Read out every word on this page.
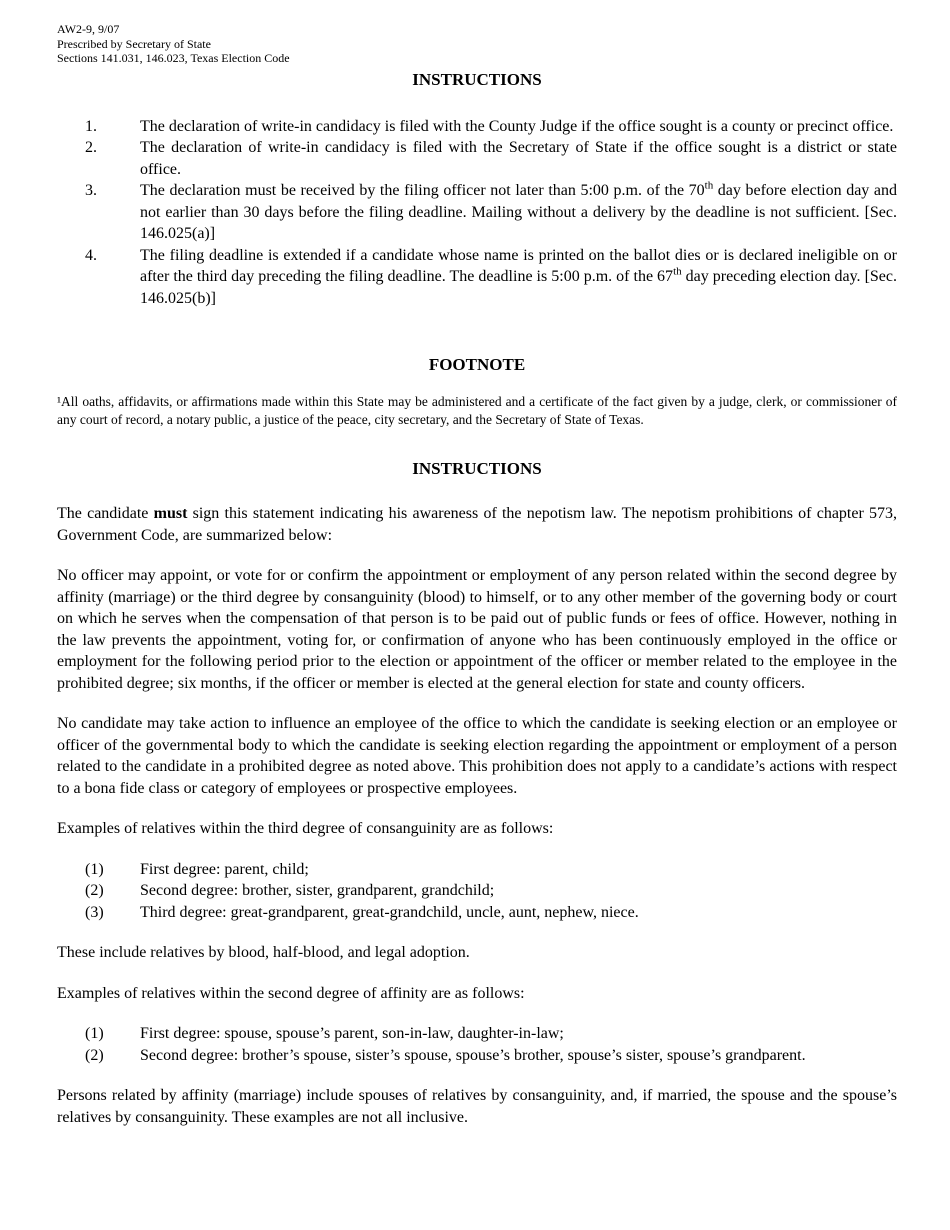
AW2-9, 9/07
Prescribed by Secretary of State
Sections 141.031, 146.023, Texas Election Code
INSTRUCTIONS
1.	The declaration of write-in candidacy is filed with the County Judge if the office sought is a county or precinct office.
2.	The declaration of write-in candidacy is filed with the Secretary of State if the office sought is a district or state office.
3.	The declaration must be received by the filing officer not later than 5:00 p.m. of the 70th day before election day and not earlier than 30 days before the filing deadline. Mailing without a delivery by the deadline is not sufficient. [Sec. 146.025(a)]
4.	The filing deadline is extended if a candidate whose name is printed on the ballot dies or is declared ineligible on or after the third day preceding the filing deadline. The deadline is 5:00 p.m. of the 67th day preceding election day. [Sec. 146.025(b)]
FOOTNOTE

¹All oaths, affidavits, or affirmations made within this State may be administered and a certificate of the fact given by a judge, clerk, or commissioner of any court of record, a notary public, a justice of the peace, city secretary, and the Secretary of State of Texas.

INSTRUCTIONS

The candidate must sign this statement indicating his awareness of the nepotism law. The nepotism prohibitions of chapter 573, Government Code, are summarized below:

No officer may appoint, or vote for or confirm the appointment or employment of any person related within the second degree by affinity (marriage) or the third degree by consanguinity (blood) to himself, or to any other member of the governing body or court on which he serves when the compensation of that person is to be paid out of public funds or fees of office. However, nothing in the law prevents the appointment, voting for, or confirmation of anyone who has been continuously employed in the office or employment for the following period prior to the election or appointment of the officer or member related to the employee in the prohibited degree; six months, if the officer or member is elected at the general election for state and county officers.

No candidate may take action to influence an employee of the office to which the candidate is seeking election or an employee or officer of the governmental body to which the candidate is seeking election regarding the appointment or employment of a person related to the candidate in a prohibited degree as noted above. This prohibition does not apply to a candidate’s actions with respect to a bona fide class or category of employees or prospective employees.

Examples of relatives within the third degree of consanguinity are as follows:

(1)	First degree: parent, child;
(2)	Second degree: brother, sister, grandparent, grandchild;
(3)	Third degree: great-grandparent, great-grandchild, uncle, aunt, nephew, niece.

These include relatives by blood, half-blood, and legal adoption.

Examples of relatives within the second degree of affinity are as follows:

(1)	First degree: spouse, spouse’s parent, son-in-law, daughter-in-law;
(2)	Second degree: brother’s spouse, sister’s spouse, spouse’s brother, spouse’s sister, spouse’s grandparent.

Persons related by affinity (marriage) include spouses of relatives by consanguinity, and, if married, the spouse and the spouse’s relatives by consanguinity. These examples are not all inclusive.
